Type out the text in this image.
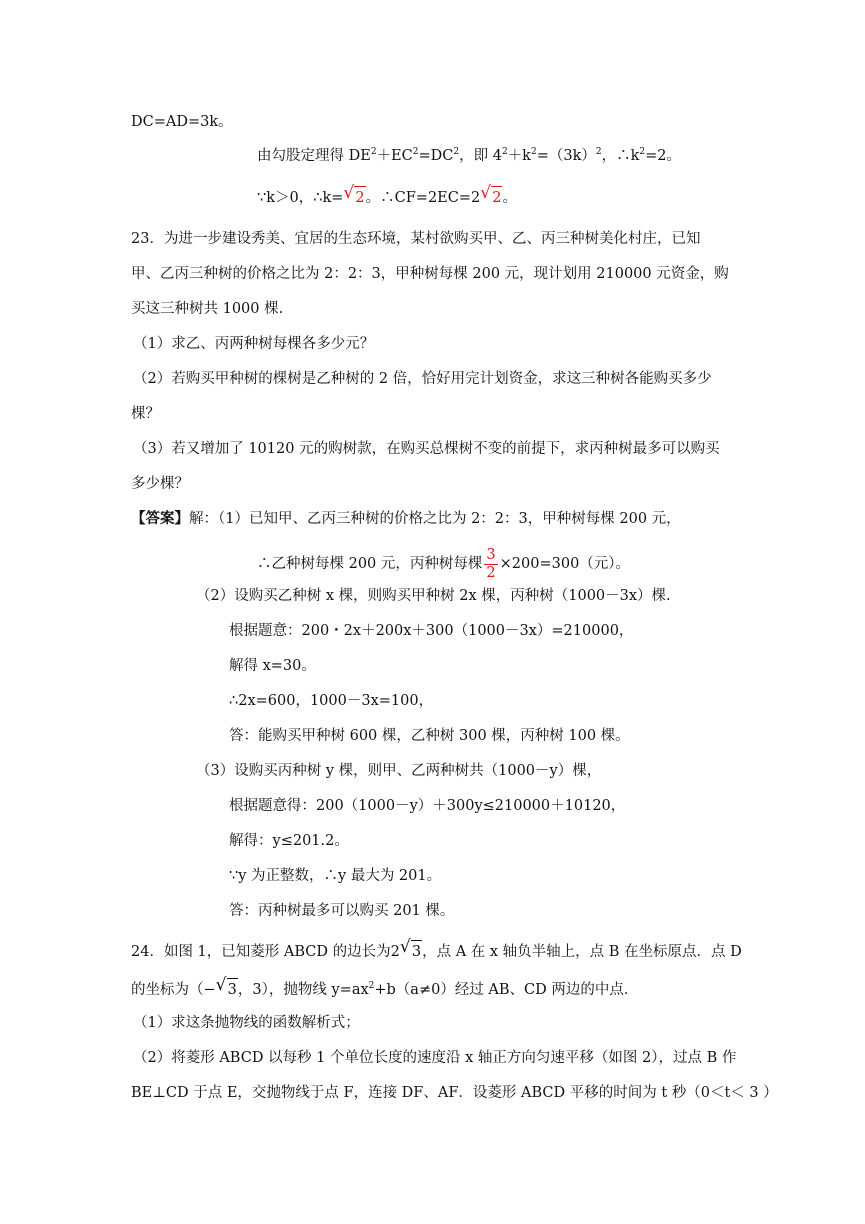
DC=AD=3k。
由勾股定理得 $DE^2+EC^2=DC^2$，即 $4^2+k^2=(3k)^2$，$\therefore k^2=2$。
∵k＞0，∴k= √ 2。∴CF=2EC=2 √ 2。
23．为进一步建设秀美、宜居的生态环境，某村欲购买甲、乙、丙三种树美化村庄，已知
甲、乙丙三种树的价格之比为 2：2：3，甲种树每棵 200 元，现计划用 210000 元资金，购
买这三种树共 1000 棵.
（1）求乙、丙两种树每棵各多少元？
（2）若购买甲种树的棵树是乙种树的 2 倍，恰好用完计划资金，求这三种树各能购买多少
棵？
（3）若又增加了 10120 元的购树款，在购买总棵树不变的前提下，求丙种树最多可以购买
多少棵？
【答案】解：（1）已知甲、乙丙三种树的价格之比为 2：2：3，甲种树每棵 200 元，
∴乙种树每棵 200 元，丙种树每棵 $\frac{3}{2} \times 200=300$（元）。
（2）设购买乙种树 x 棵，则购买甲种树 2x 棵，丙种树（1000－3x）棵.
根据题意：200・2x＋200x＋300（1000－3x）=210000，
解得 x=30。
∴2x=600，1000－3x=100，
答：能购买甲种树 600 棵，乙种树 300 棵，丙种树 100 棵。
（3）设购买丙种树 y 棵，则甲、乙两种树共（1000－y）棵，
根据题意得：200（1000－y）＋300y≤210000＋10120，
解得：y≤201.2。
∵y 为正整数，∴y 最大为 201。
答：丙种树最多可以购买 201 棵。
24．如图 1，已知菱形 ABCD 的边长为2 √ 3，点 A 在 x 轴负半轴上，点 B 在坐标原点．点 D
的坐标为（− √ 3，3），抛物线 $y=ax^2+b(a\ne 0)$经过 AB、CD 两边的中点．
（1）求这条抛物线的函数解析式；
（2）将菱形 ABCD 以每秒 1 个单位长度的速度沿 x 轴正方向匀速平移（如图 2），过点 B 作
BE⊥CD 于点 E，交抛物线于点 F，连接 DF、AF．设菱形 ABCD 平移的时间为 t 秒（0＜t＜ 3 ）
